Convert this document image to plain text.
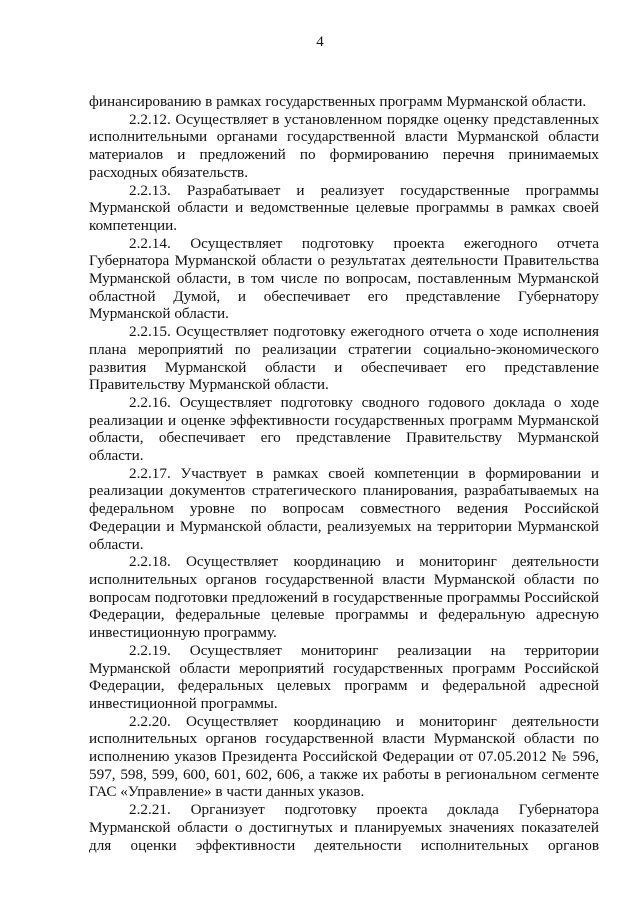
4

финансированию в рамках государственных программ Мурманской области.

2.2.12. Осуществляет в установленном порядке оценку представленных исполнительными органами государственной власти Мурманской области материалов и предложений по формированию перечня принимаемых расходных обязательств.

2.2.13. Разрабатывает и реализует государственные программы Мурманской области и ведомственные целевые программы в рамках своей компетенции.

2.2.14. Осуществляет подготовку проекта ежегодного отчета Губернатора Мурманской области о результатах деятельности Правительства Мурманской области, в том числе по вопросам, поставленным Мурманской областной Думой, и обеспечивает его представление Губернатору Мурманской области.

2.2.15. Осуществляет подготовку ежегодного отчета о ходе исполнения плана мероприятий по реализации стратегии социально-экономического развития Мурманской области и обеспечивает его представление Правительству Мурманской области.

2.2.16. Осуществляет подготовку сводного годового доклада о ходе реализации и оценке эффективности государственных программ Мурманской области, обеспечивает его представление Правительству Мурманской области.

2.2.17. Участвует в рамках своей компетенции в формировании и реализации документов стратегического планирования, разрабатываемых на федеральном уровне по вопросам совместного ведения Российской Федерации и Мурманской области, реализуемых на территории Мурманской области.

2.2.18. Осуществляет координацию и мониторинг деятельности исполнительных органов государственной власти Мурманской области по вопросам подготовки предложений в государственные программы Российской Федерации, федеральные целевые программы и федеральную адресную инвестиционную программу.

2.2.19. Осуществляет мониторинг реализации на территории Мурманской области мероприятий государственных программ Российской Федерации, федеральных целевых программ и федеральной адресной инвестиционной программы.

2.2.20. Осуществляет координацию и мониторинг деятельности исполнительных органов государственной власти Мурманской области по исполнению указов Президента Российской Федерации от 07.05.2012 № 596, 597, 598, 599, 600, 601, 602, 606, а также их работы в региональном сегменте ГАС «Управление» в части данных указов.

2.2.21. Организует подготовку проекта доклада Губернатора Мурманской области о достигнутых и планируемых значениях показателей для оценки эффективности деятельности исполнительных органов
